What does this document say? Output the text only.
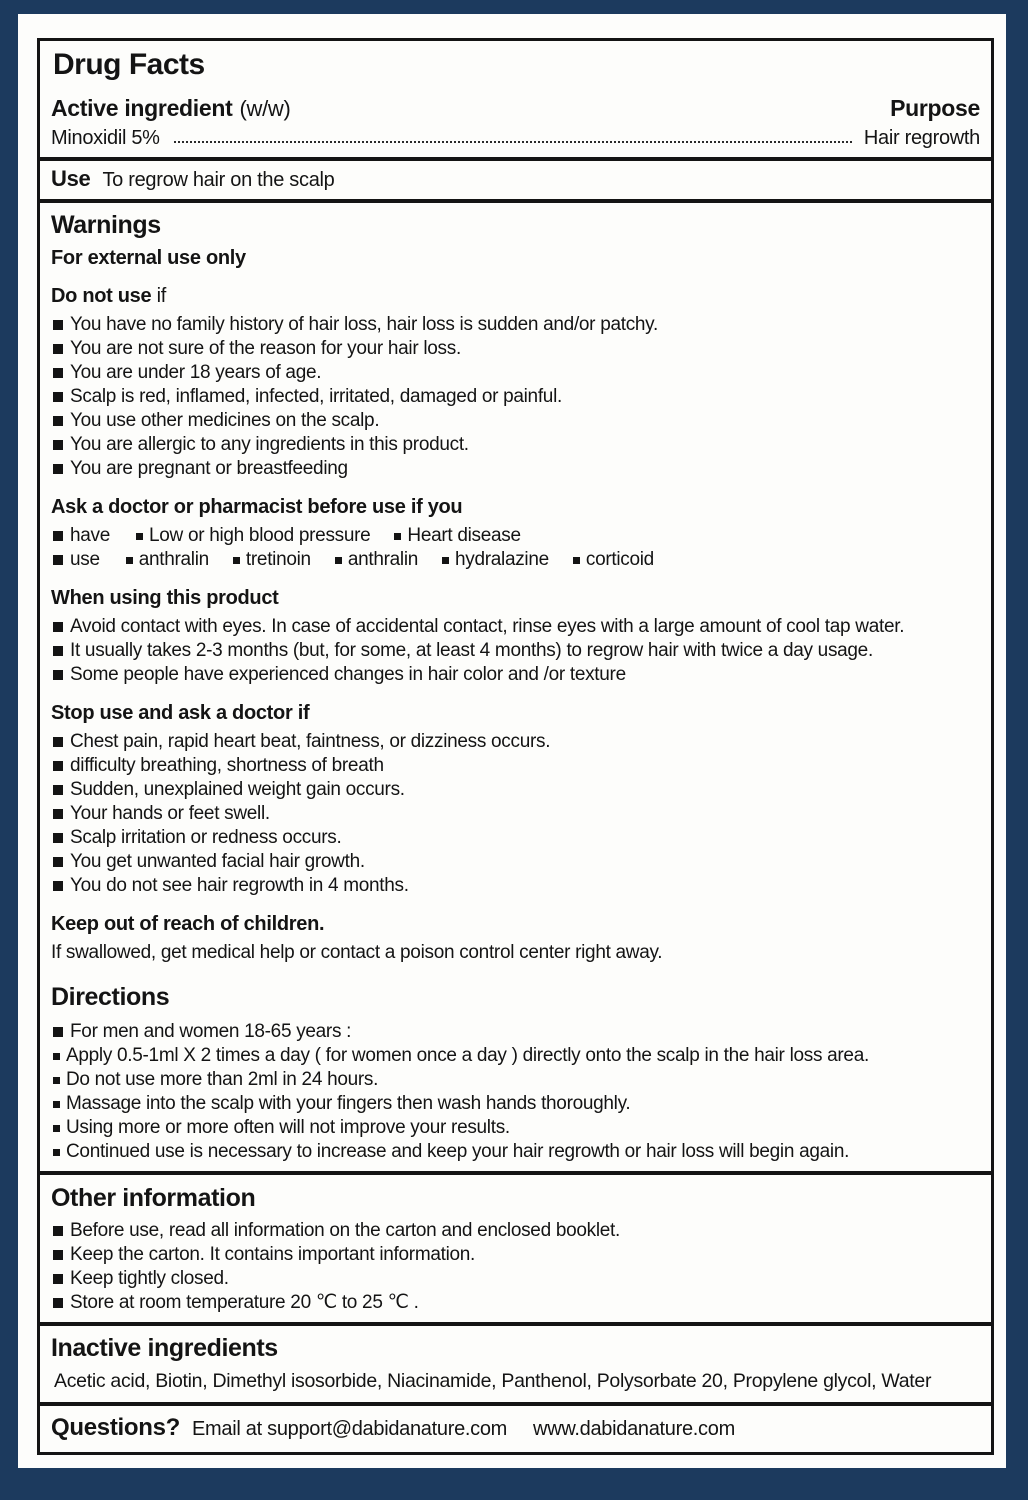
Drug Facts
Active ingredient (w/w)	Purpose
Minoxidil 5%	Hair regrowth
Use To regrow hair on the scalp
Warnings
For external use only
Do not use if
You have no family history of hair loss, hair loss is sudden and/or patchy.
You are not sure of the reason for your hair loss.
You are under 18 years of age.
Scalp is red, inflamed, infected, irritated, damaged or painful.
You use other medicines on the scalp.
You are allergic to any ingredients in this product.
You are pregnant or breastfeeding
Ask a doctor or pharmacist before use if you
have Low or high blood pressure Heart disease
use anthralin tretinoin anthralin hydralazine corticoid
When using this product
Avoid contact with eyes. In case of accidental contact, rinse eyes with a large amount of cool tap water.
It usually takes 2-3 months (but, for some, at least 4 months) to regrow hair with twice a day usage.
Some people have experienced changes in hair color and /or texture
Stop use and ask a doctor if
Chest pain, rapid heart beat, faintness, or dizziness occurs.
difficulty breathing, shortness of breath
Sudden, unexplained weight gain occurs.
Your hands or feet swell.
Scalp irritation or redness occurs.
You get unwanted facial hair growth.
You do not see hair regrowth in 4 months.
Keep out of reach of children.
If swallowed, get medical help or contact a poison control center right away.
Directions
For men and women 18-65 years :
Apply 0.5-1ml X 2 times a day ( for women once a day ) directly onto the scalp in the hair loss area.
Do not use more than 2ml in 24 hours.
Massage into the scalp with your fingers then wash hands thoroughly.
Using more or more often will not improve your results.
Continued use is necessary to increase and keep your hair regrowth or hair loss will begin again.
Other information
Before use, read all information on the carton and enclosed booklet.
Keep the carton. It contains important information.
Keep tightly closed.
Store at room temperature 20 ℃ to 25 ℃ .
Inactive ingredients
Acetic acid, Biotin, Dimethyl isosorbide, Niacinamide, Panthenol, Polysorbate 20, Propylene glycol, Water
Questions? Email at support@dabidanature.com www.dabidanature.com
